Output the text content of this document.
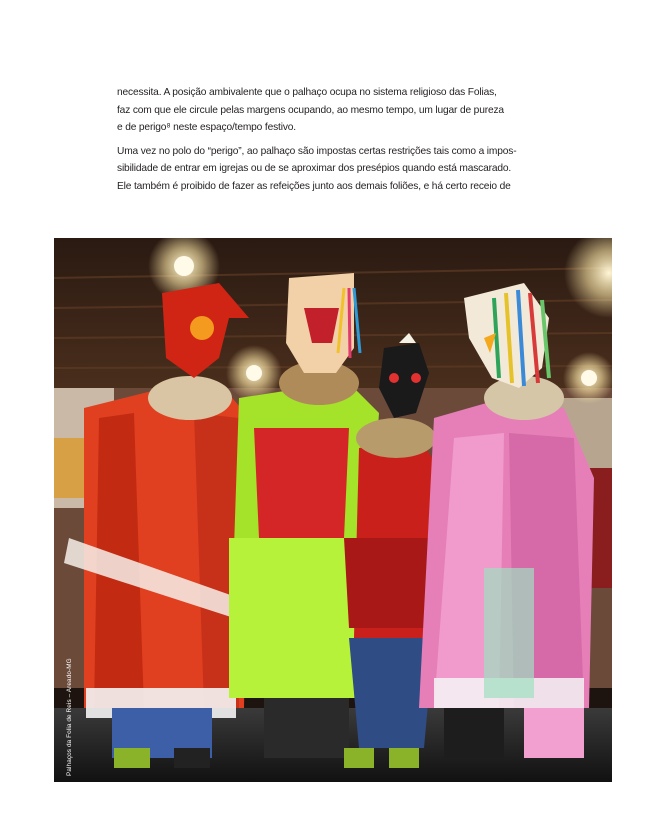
necessita. A posição ambivalente que o palhaço ocupa no sistema religioso das Folias,
faz com que ele circule pelas margens ocupando, ao mesmo tempo, um lugar de pureza
e de perigo⁸ neste espaço/tempo festivo.

Uma vez no polo do “perigo”, ao palhaço são impostas certas restrições tais como a impos-
sibilidade de entrar em igrejas ou de se aproximar dos presépios quando está mascarado.
Ele também é proibido de fazer as refeições junto aos demais foliões, e há certo receio de

Palhaços da Folia de Reis – Areado-MG
